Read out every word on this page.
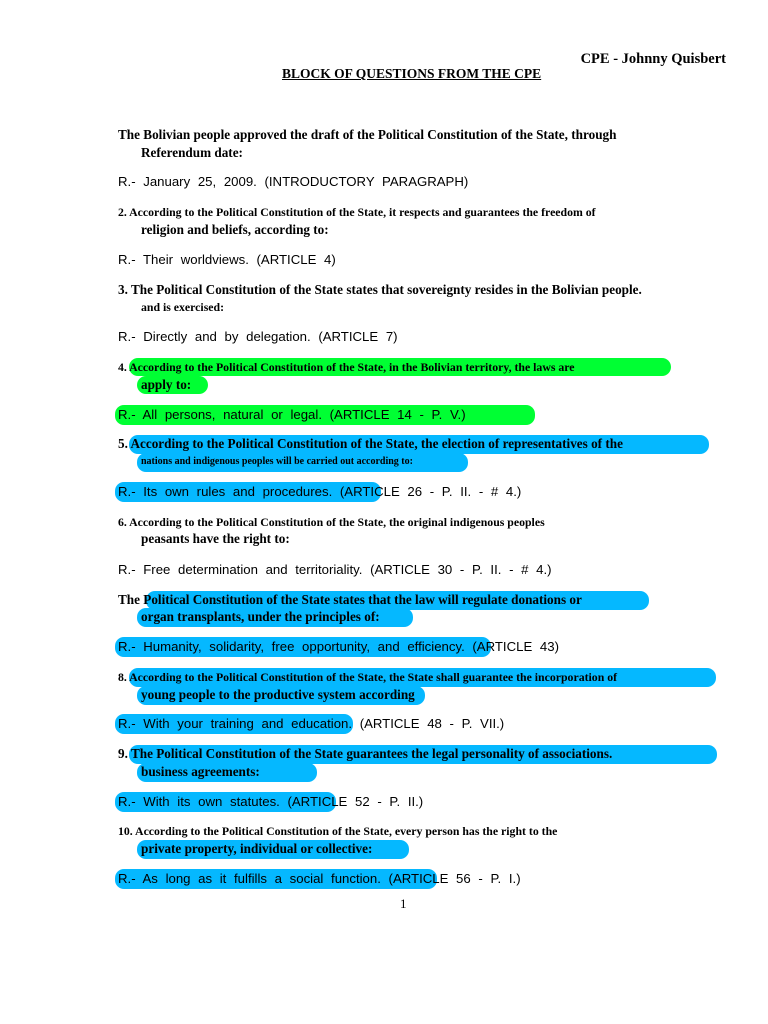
CPE - Johnny Quisbert
BLOCK OF QUESTIONS FROM THE CPE
The Bolivian people approved the draft of the Political Constitution of the State, through
Referendum date:
R.- January 25, 2009. (INTRODUCTORY PARAGRAPH)
2. According to the Political Constitution of the State, it respects and guarantees the freedom of
religion and beliefs, according to:
R.- Their worldviews. (ARTICLE 4)
3. The Political Constitution of the State states that sovereignty resides in the Bolivian people.
and is exercised:
R.- Directly and by delegation. (ARTICLE 7)
4. According to the Political Constitution of the State, in the Bolivian territory, the laws are
apply to:
R.- All persons, natural or legal. (ARTICLE 14 - P. V.)
5. According to the Political Constitution of the State, the election of representatives of the
nations and indigenous peoples will be carried out according to:
R.- Its own rules and procedures. (ARTICLE 26 - P. II. - # 4.)
6. According to the Political Constitution of the State, the original indigenous peoples
peasants have the right to:
R.- Free determination and territoriality. (ARTICLE 30 - P. II. - # 4.)
The Political Constitution of the State states that the law will regulate donations or
organ transplants, under the principles of:
R.- Humanity, solidarity, free opportunity, and efficiency. (ARTICLE 43)
8. According to the Political Constitution of the State, the State shall guarantee the incorporation of
young people to the productive system according
R.- With your training and education. (ARTICLE 48 - P. VII.)
9. The Political Constitution of the State guarantees the legal personality of associations.
business agreements:
R.- With its own statutes. (ARTICLE 52 - P. II.)
10. According to the Political Constitution of the State, every person has the right to the
private property, individual or collective:
R.- As long as it fulfills a social function. (ARTICLE 56 - P. I.)
1
